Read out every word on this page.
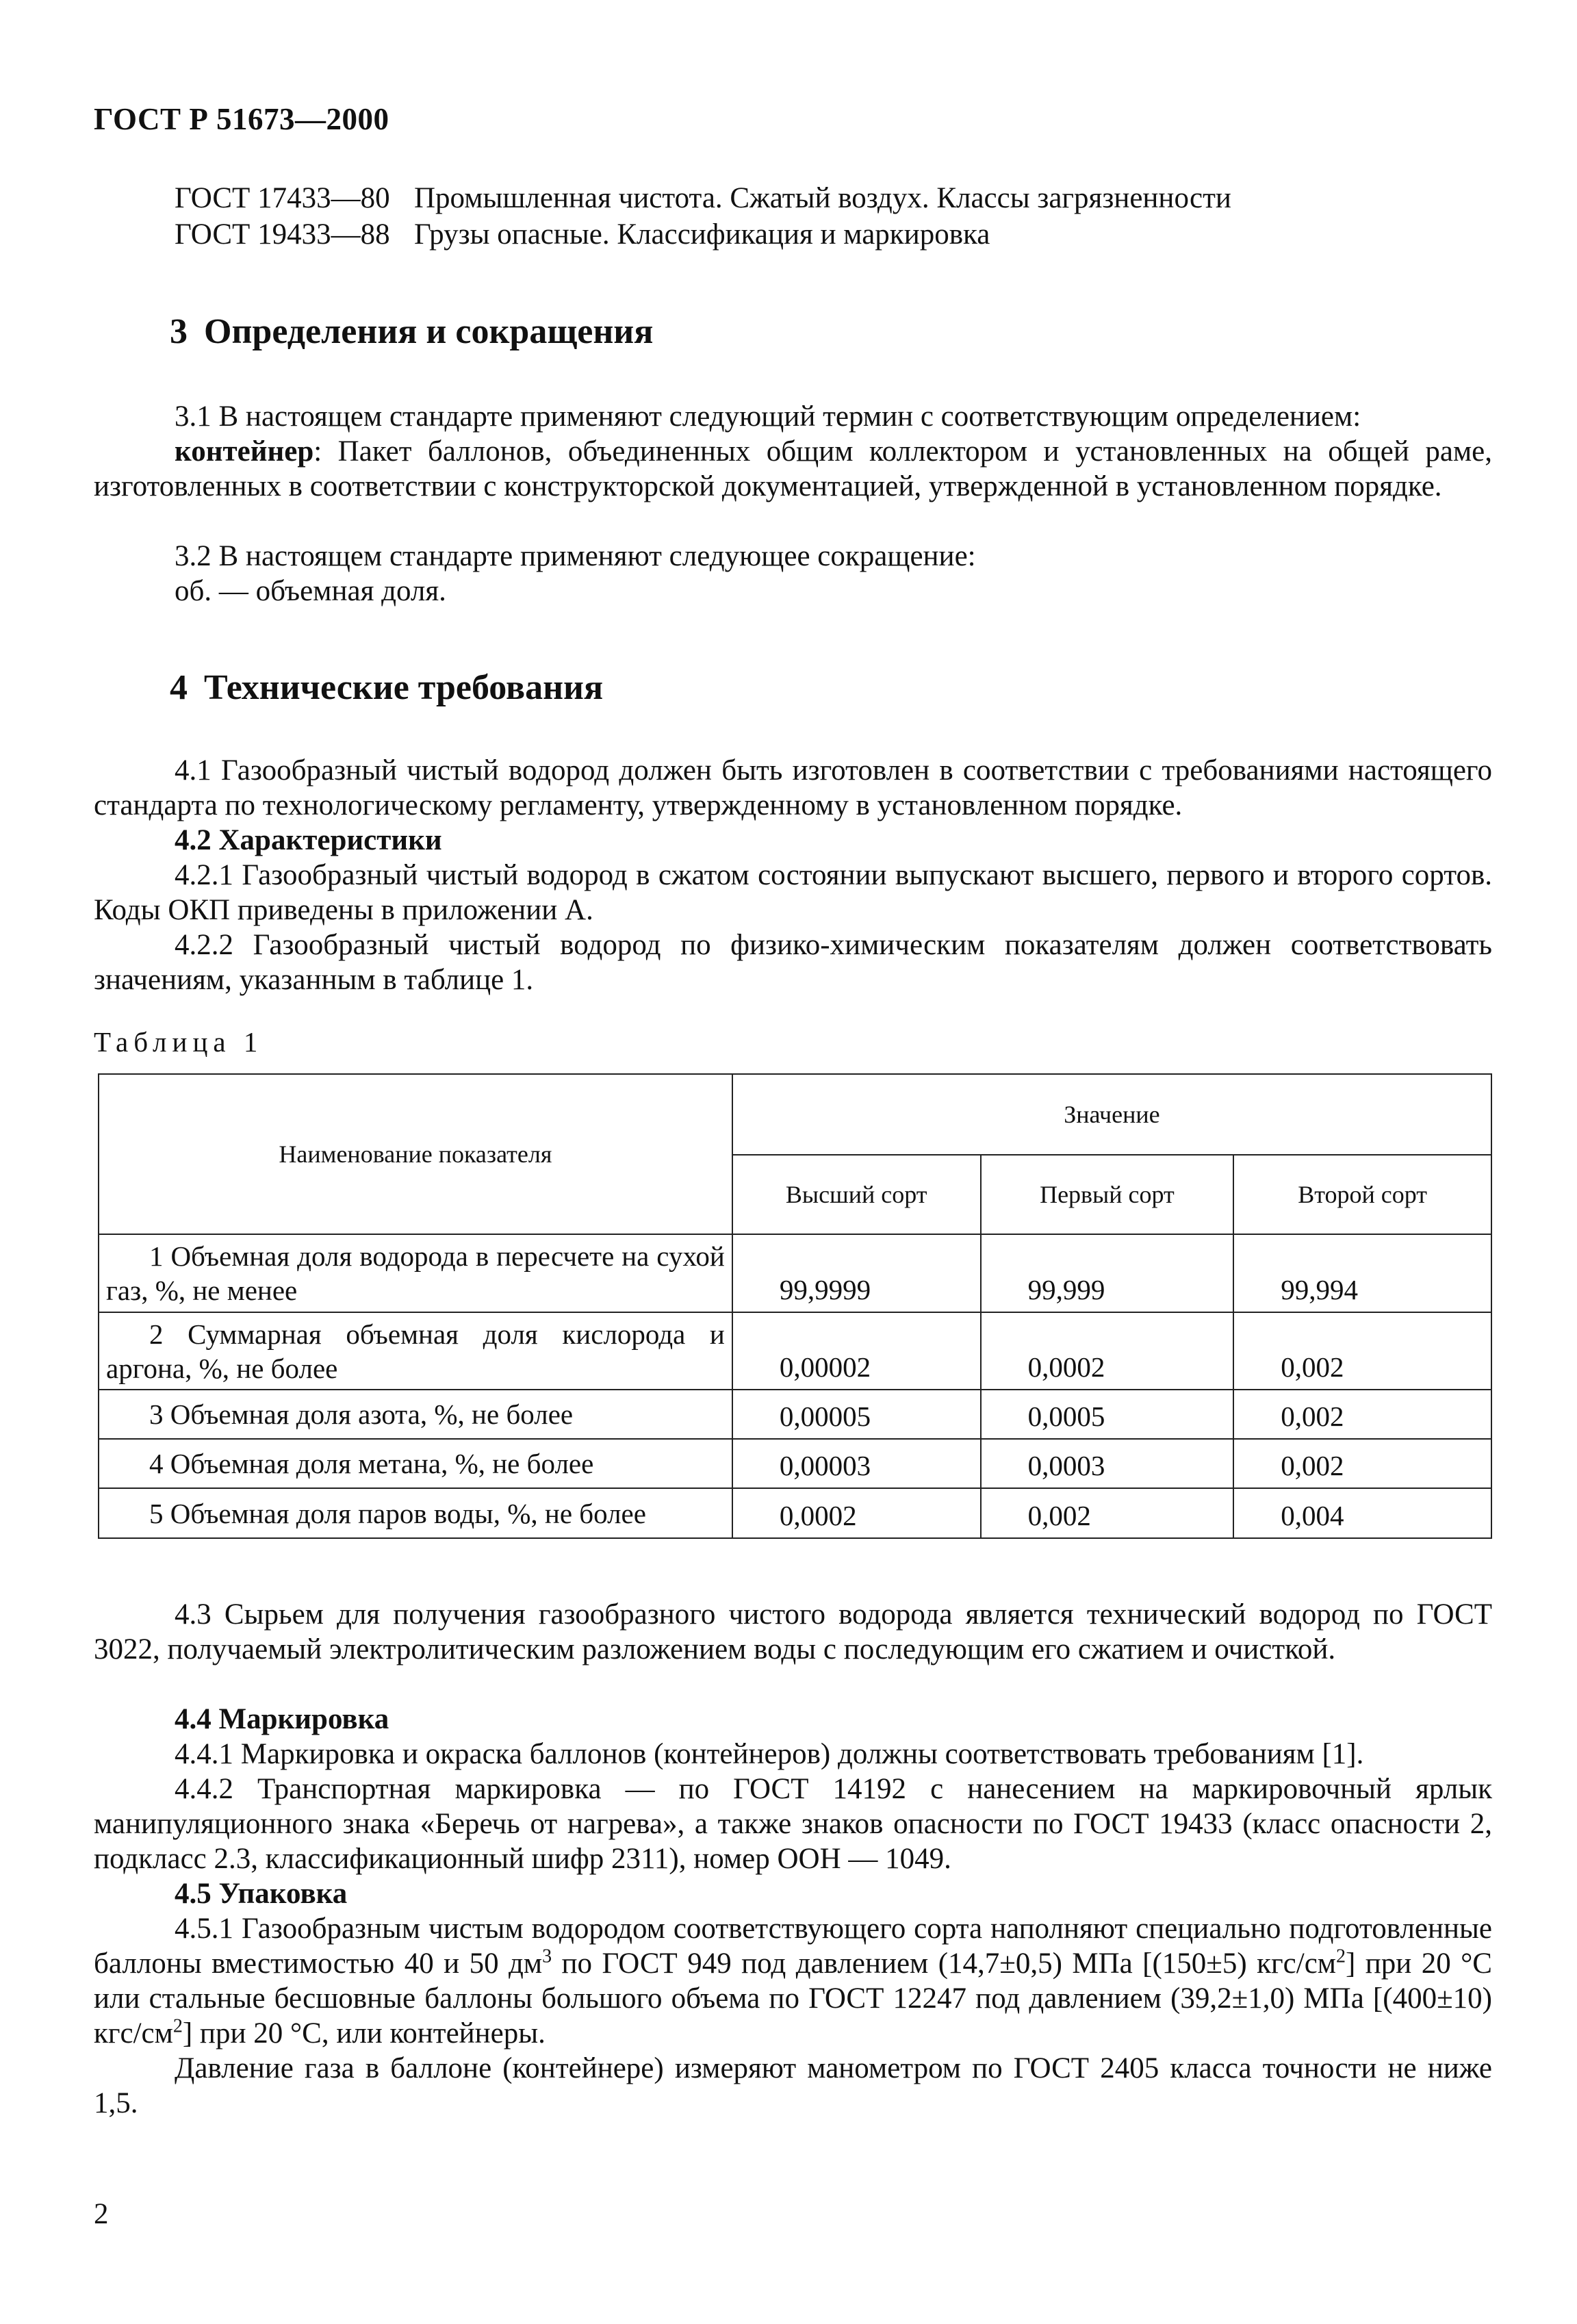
ГОСТ Р 51673—2000
ГОСТ 17433—80 Промышленная чистота. Сжатый воздух. Классы загрязненности
ГОСТ 19433—88 Грузы опасные. Классификация и маркировка
3 Определения и сокращения
3.1 В настоящем стандарте применяют следующий термин с соответствующим определением:
контейнер: Пакет баллонов, объединенных общим коллектором и установленных на общей раме, изготовленных в соответствии с конструкторской документацией, утвержденной в установленном порядке.
3.2 В настоящем стандарте применяют следующее сокращение:
об. — объемная доля.
4 Технические требования
4.1 Газообразный чистый водород должен быть изготовлен в соответствии с требованиями настоящего стандарта по технологическому регламенту, утвержденному в установленном порядке.
4.2 Характеристики
4.2.1 Газообразный чистый водород в сжатом состоянии выпускают высшего, первого и второго сортов. Коды ОКП приведены в приложении А.
4.2.2 Газообразный чистый водород по физико-химическим показателям должен соответствовать значениям, указанным в таблице 1.
Таблица 1
Наименование показателя	Значение		
	Высший сорт	Первый сорт	Второй сорт
1 Объемная доля водорода в пересчете на сухой газ, %, не менее	99,9999	99,999	99,994
2 Суммарная объемная доля кислорода и аргона, %, не более	0,00002	0,0002	0,002
3 Объемная доля азота, %, не более	0,00005	0,0005	0,002
4 Объемная доля метана, %, не более	0,00003	0,0003	0,002
5 Объемная доля паров воды, %, не более	0,0002	0,002	0,004
4.3 Сырьем для получения газообразного чистого водорода является технический водород по ГОСТ 3022, получаемый электролитическим разложением воды с последующим его сжатием и очисткой.
4.4 Маркировка
4.4.1 Маркировка и окраска баллонов (контейнеров) должны соответствовать требованиям [1].
4.4.2 Транспортная маркировка — по ГОСТ 14192 с нанесением на маркировочный ярлык манипуляционного знака «Беречь от нагрева», а также знаков опасности по ГОСТ 19433 (класс опасности 2, подкласс 2.3, классификационный шифр 2311), номер ООН — 1049.
4.5 Упаковка
4.5.1 Газообразным чистым водородом соответствующего сорта наполняют специально подготовленные баллоны вместимостью 40 и 50 $дм^3$ по ГОСТ 949 под давлением (14,7±0,5) МПа [(150±5) кгс/$см^2$] при 20 °С или стальные бесшовные баллоны большого объема по ГОСТ 12247 под давлением (39,2±1,0) МПа [(400±10) кгс/$см^2$] при 20 °С, или контейнеры.
Давление газа в баллоне (контейнере) измеряют манометром по ГОСТ 2405 класса точности не ниже 1,5.
2
